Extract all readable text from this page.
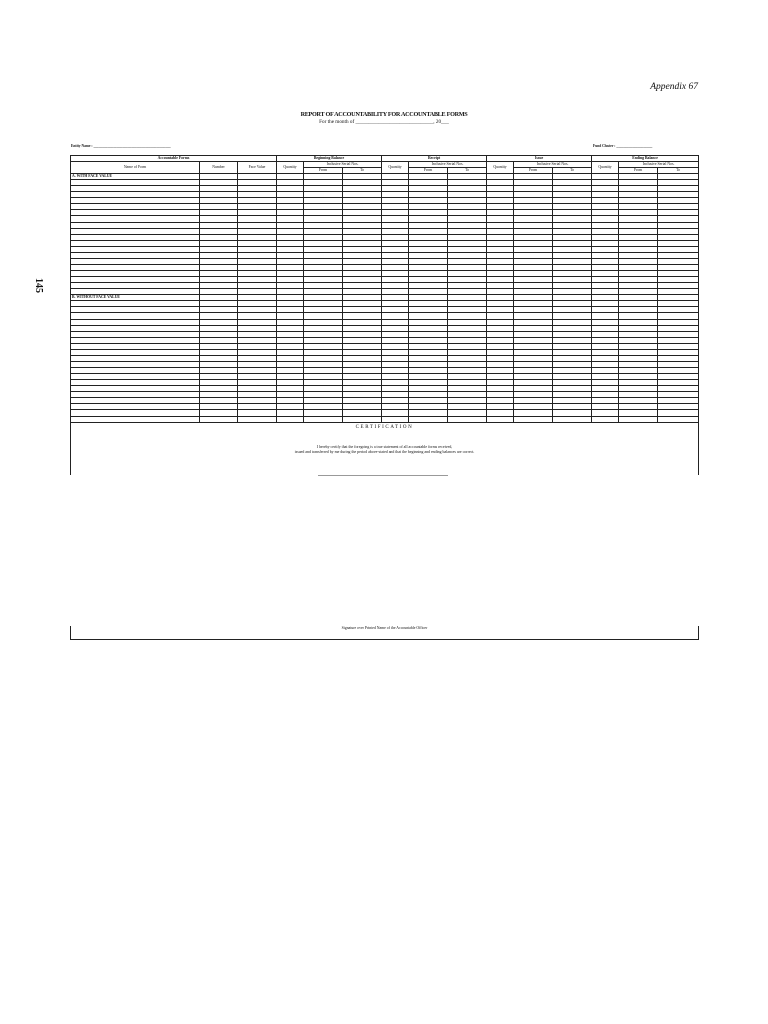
Appendix 67
REPORT OF ACCOUNTABILITY FOR ACCOUNTABLE FORMS
For the month of ______________________________, 20___
Entity Name : ___________________________________________	Fund Cluster : ____________________
145
Accountable Forms			Beginning Balance			Receipt			Issue			Ending Balance		
Name of Form	Number	Face Value	Quantity	Inclusive Serial Nos.		Quantity	Inclusive Serial Nos.		Quantity	Inclusive Serial Nos.		Quantity	Inclusive Serial Nos.	
				From	To		From	To		From	To		From	To
A. WITH FACE VALUE														

B. WITHOUT FACE VALUE														

CERTIFICATION
I hereby certify that the foregoing is a true statement of all accountable forms received,
issued and transferred by me during the period above-stated and that the beginning and ending balances are correct.
Signature over Printed Name of the Accountable Officer
